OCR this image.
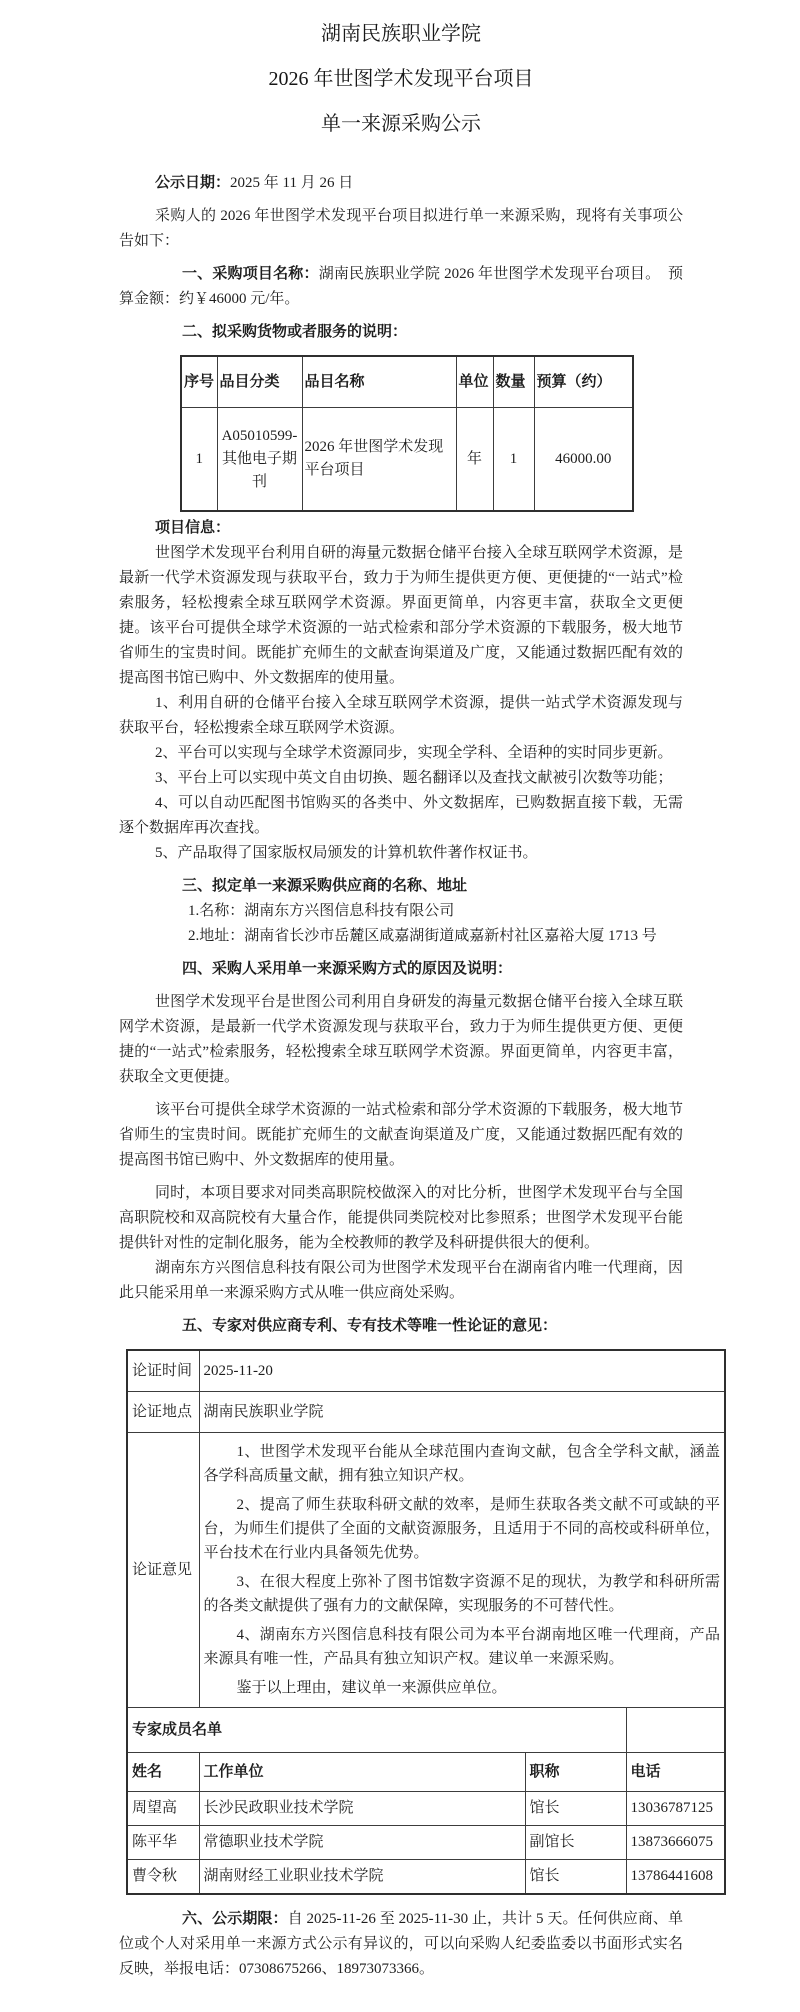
湖南民族职业学院

2026 年世图学术发现平台项目

单一来源采购公示

公示日期：2025 年 11 月 26 日

采购人的 2026 年世图学术发现平台项目拟进行单一来源采购，现将有关事项公告如下：

一、采购项目名称：湖南民族职业学院 2026 年世图学术发现平台项目。　预算金额：约￥46000 元/年。

二、拟采购货物或者服务的说明：

序号	品目分类	品目名称	单位	数量	预算（约）
1	A05010599-其他电子期刊	2026 年世图学术发现平台项目	年	1	46000.00

项目信息：

世图学术发现平台利用自研的海量元数据仓储平台接入全球互联网学术资源，是最新一代学术资源发现与获取平台，致力于为师生提供更方便、更便捷的“一站式”检索服务，轻松搜索全球互联网学术资源。界面更简单，内容更丰富，获取全文更便捷。该平台可提供全球学术资源的一站式检索和部分学术资源的下载服务，极大地节省师生的宝贵时间。既能扩充师生的文献查询渠道及广度，又能通过数据匹配有效的提高图书馆已购中、外文数据库的使用量。

1、利用自研的仓储平台接入全球互联网学术资源，提供一站式学术资源发现与获取平台，轻松搜索全球互联网学术资源。

2、平台可以实现与全球学术资源同步，实现全学科、全语种的实时同步更新。

3、平台上可以实现中英文自由切换、题名翻译以及查找文献被引次数等功能；

4、可以自动匹配图书馆购买的各类中、外文数据库，已购数据直接下载，无需逐个数据库再次查找。

5、产品取得了国家版权局颁发的计算机软件著作权证书。

三、拟定单一来源采购供应商的名称、地址

1.名称：湖南东方兴图信息科技有限公司

2.地址：湖南省长沙市岳麓区咸嘉湖街道咸嘉新村社区嘉裕大厦 1713 号

四、采购人采用单一来源采购方式的原因及说明：

世图学术发现平台是世图公司利用自身研发的海量元数据仓储平台接入全球互联网学术资源，是最新一代学术资源发现与获取平台，致力于为师生提供更方便、更便捷的“一站式”检索服务，轻松搜索全球互联网学术资源。界面更简单，内容更丰富，获取全文更便捷。

该平台可提供全球学术资源的一站式检索和部分学术资源的下载服务，极大地节省师生的宝贵时间。既能扩充师生的文献查询渠道及广度，又能通过数据匹配有效的提高图书馆已购中、外文数据库的使用量。

同时，本项目要求对同类高职院校做深入的对比分析，世图学术发现平台与全国高职院校和双高院校有大量合作，能提供同类院校对比参照系；世图学术发现平台能提供针对性的定制化服务，能为全校教师的教学及科研提供很大的便利。

湖南东方兴图信息科技有限公司为世图学术发现平台在湖南省内唯一代理商，因此只能采用单一来源采购方式从唯一供应商处采购。

五、专家对供应商专利、专有技术等唯一性论证的意见：

论证时间	2025-11-20		
论证地点	湖南民族职业学院		
论证意见	1、世图学术发现平台能从全球范围内查询文献，包含全学科文献，涵盖各学科高质量文献，拥有独立知识产权。

2、提高了师生获取科研文献的效率，是师生获取各类文献不可或缺的平台，为师生们提供了全面的文献资源服务，且适用于不同的高校或科研单位，平台技术在行业内具备领先优势。

3、在很大程度上弥补了图书馆数字资源不足的现状，为教学和科研所需的各类文献提供了强有力的文献保障，实现服务的不可替代性。

4、湖南东方兴图信息科技有限公司为本平台湖南地区唯一代理商，产品来源具有唯一性，产品具有独立知识产权。建议单一来源采购。

鉴于以上理由，建议单一来源供应单位。		

专家成员名单			
姓名	工作单位	职称	电话
周望高	长沙民政职业技术学院	馆长	13036787125
陈平华	常德职业技术学院	副馆长	13873666075
曹令秋	湖南财经工业职业技术学院	馆长	13786441608

六、公示期限：自 2025-11-26 至 2025-11-30 止，共计 5 天。任何供应商、单位或个人对采用单一来源方式公示有异议的，可以向采购人纪委监委以书面形式实名反映，举报电话：07308675266、18973073366。
